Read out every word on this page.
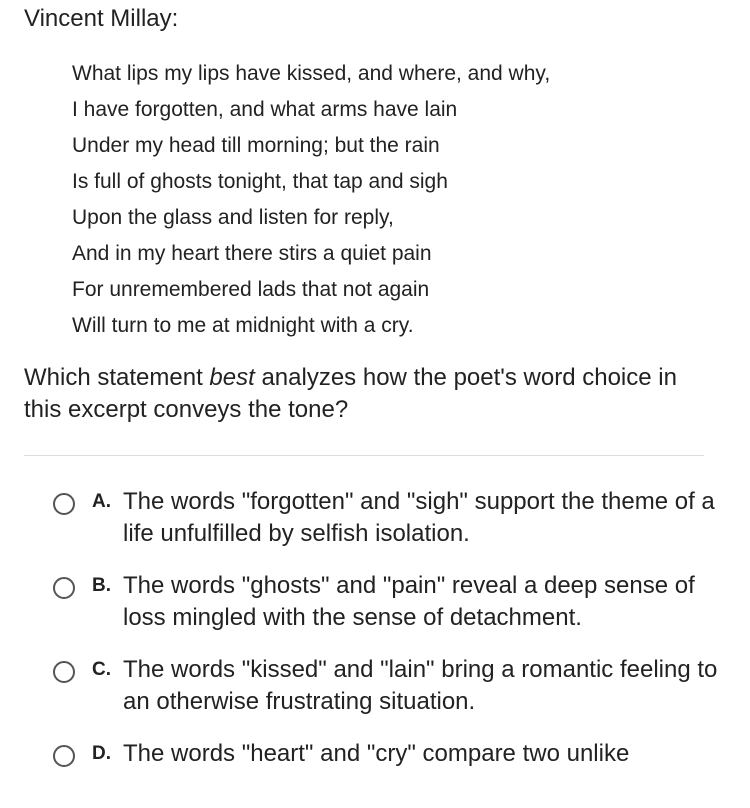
Vincent Millay:
What lips my lips have kissed, and where, and why,
I have forgotten, and what arms have lain
Under my head till morning; but the rain
Is full of ghosts tonight, that tap and sigh
Upon the glass and listen for reply,
And in my heart there stirs a quiet pain
For unremembered lads that not again
Will turn to me at midnight with a cry.
Which statement best analyzes how the poet's word choice in this excerpt conveys the tone?
A. The words "forgotten" and "sigh" support the theme of a life unfulfilled by selfish isolation.
B. The words "ghosts" and "pain" reveal a deep sense of loss mingled with the sense of detachment.
C. The words "kissed" and "lain" bring a romantic feeling to an otherwise frustrating situation.
D. The words "heart" and "cry" compare two unlike
